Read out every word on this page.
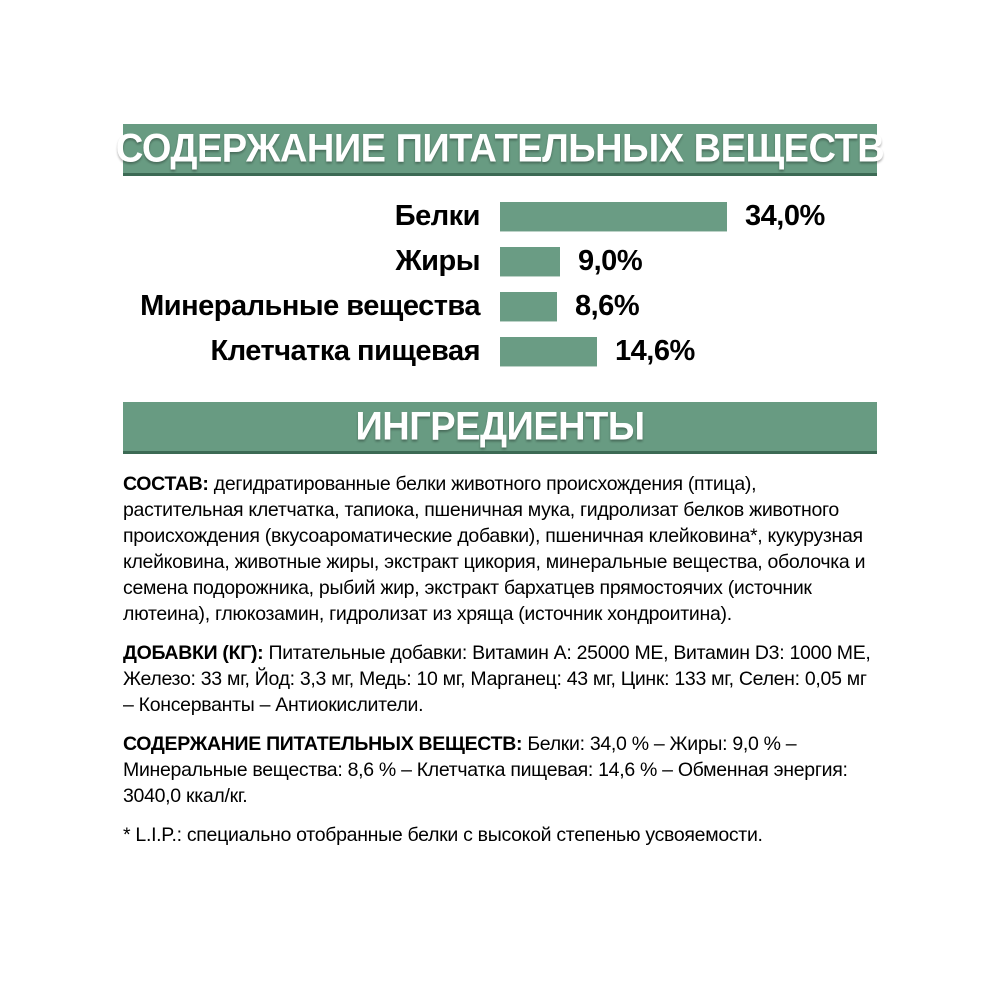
СОДЕРЖАНИЕ ПИТАТЕЛЬНЫХ ВЕЩЕСТВ
Белки	34,0%
Жиры	9,0%
Минеральные вещества	8,6%
Клетчатка пищевая	14,6%
ИНГРЕДИЕНТЫ

СОСТАВ: дегидратированные белки животного происхождения (птица), растительная клетчатка, тапиока, пшеничная мука, гидролизат белков животного происхождения (вкусоароматические добавки), пшеничная клейковина*, кукурузная клейковина, животные жиры, экстракт цикория, минеральные вещества, оболочка и семена подорожника, рыбий жир, экстракт бархатцев прямостоячих (источник лютеина), глюкозамин, гидролизат из хряща (источник хондроитина).

ДОБАВКИ (КГ): Питательные добавки: Витамин A: 25000 МЕ, Витамин D3: 1000 МЕ, Железо: 33 мг, Йод: 3,3 мг, Медь: 10 мг, Марганец: 43 мг, Цинк: 133 мг, Селен: 0,05 мг – Консерванты – Антиокислители.

СОДЕРЖАНИЕ ПИТАТЕЛЬНЫХ ВЕЩЕСТВ: Белки: 34,0 % – Жиры: 9,0 % – Минеральные вещества: 8,6 % – Клетчатка пищевая: 14,6 % – Обменная энергия: 3040,0 ккал/кг.

* L.I.P.: специально отобранные белки с высокой степенью усвояемости.
